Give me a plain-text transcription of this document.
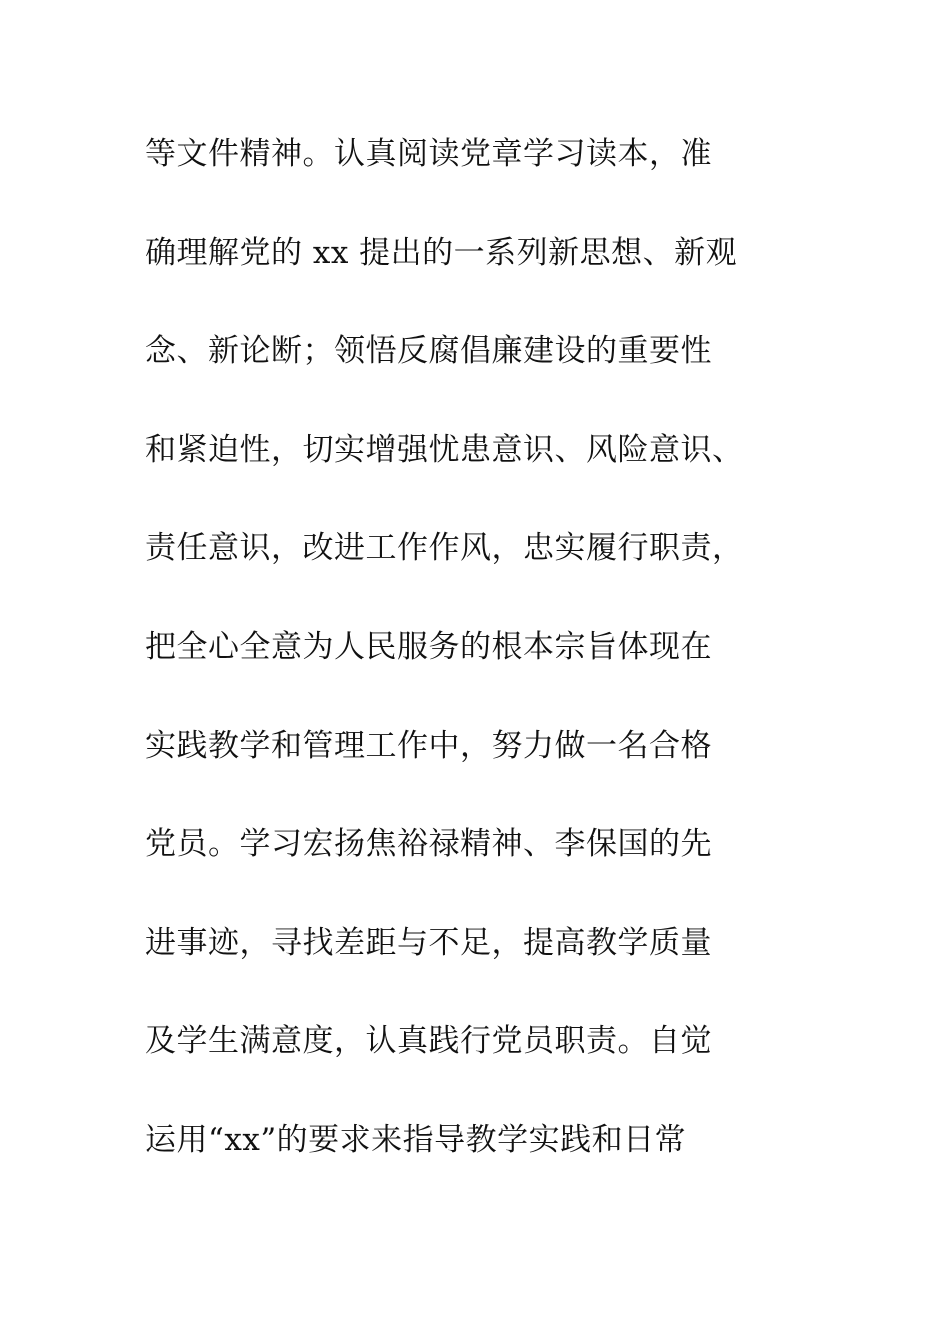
等文件精神。认真阅读党章学习读本，准
确理解党的 xx 提出的一系列新思想、新观
念、新论断；领悟反腐倡廉建设的重要性
和紧迫性，切实增强忧患意识、风险意识、
责任意识，改进工作作风，忠实履行职责，
把全心全意为人民服务的根本宗旨体现在
实践教学和管理工作中，努力做一名合格
党员。学习宏扬焦裕禄精神、李保国的先
进事迹，寻找差距与不足，提高教学质量
及学生满意度，认真践行党员职责。自觉
运用“xx”的要求来指导教学实践和日常
